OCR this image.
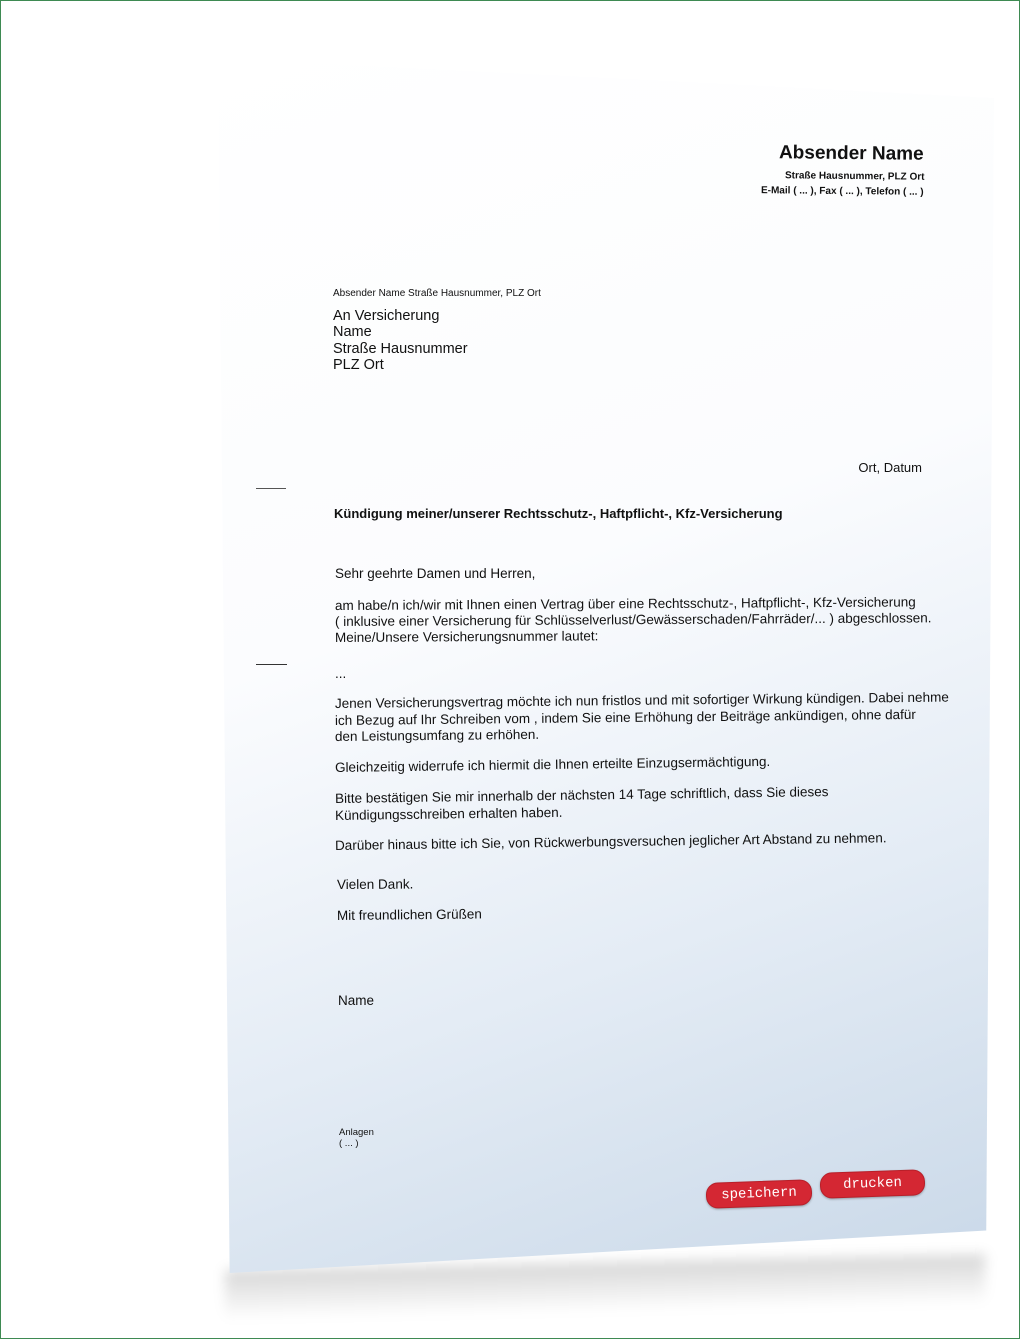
Absender Name
Straße Hausnummer, PLZ Ort
E-Mail ( ... ), Fax ( ... ), Telefon ( ... )
Absender Name Straße Hausnummer, PLZ Ort
An Versicherung
Name
Straße Hausnummer
PLZ Ort
Ort, Datum
Kündigung meiner/unserer Rechtsschutz-, Haftpflicht-, Kfz-Versicherung
Sehr geehrte Damen und Herren,
am habe/n ich/wir mit Ihnen einen Vertrag über eine Rechtsschutz-, Haftpflicht-, Kfz-Versicherung
( inklusive einer Versicherung für Schlüsselverlust/Gewässerschaden/Fahrräder/... ) abgeschlossen.
Meine/Unsere Versicherungsnummer lautet:
...
Jenen Versicherungsvertrag möchte ich nun fristlos und mit sofortiger Wirkung kündigen. Dabei nehme
ich Bezug auf Ihr Schreiben vom , indem Sie eine Erhöhung der Beiträge ankündigen, ohne dafür
den Leistungsumfang zu erhöhen.
Gleichzeitig widerrufe ich hiermit die Ihnen erteilte Einzugsermächtigung.
Bitte bestätigen Sie mir innerhalb der nächsten 14 Tage schriftlich, dass Sie dieses
Kündigungsschreiben erhalten haben.
Darüber hinaus bitte ich Sie, von Rückwerbungsversuchen jeglicher Art Abstand zu nehmen.
Vielen Dank.
Mit freundlichen Grüßen
Name
Anlagen
( ... )
speichern
drucken
